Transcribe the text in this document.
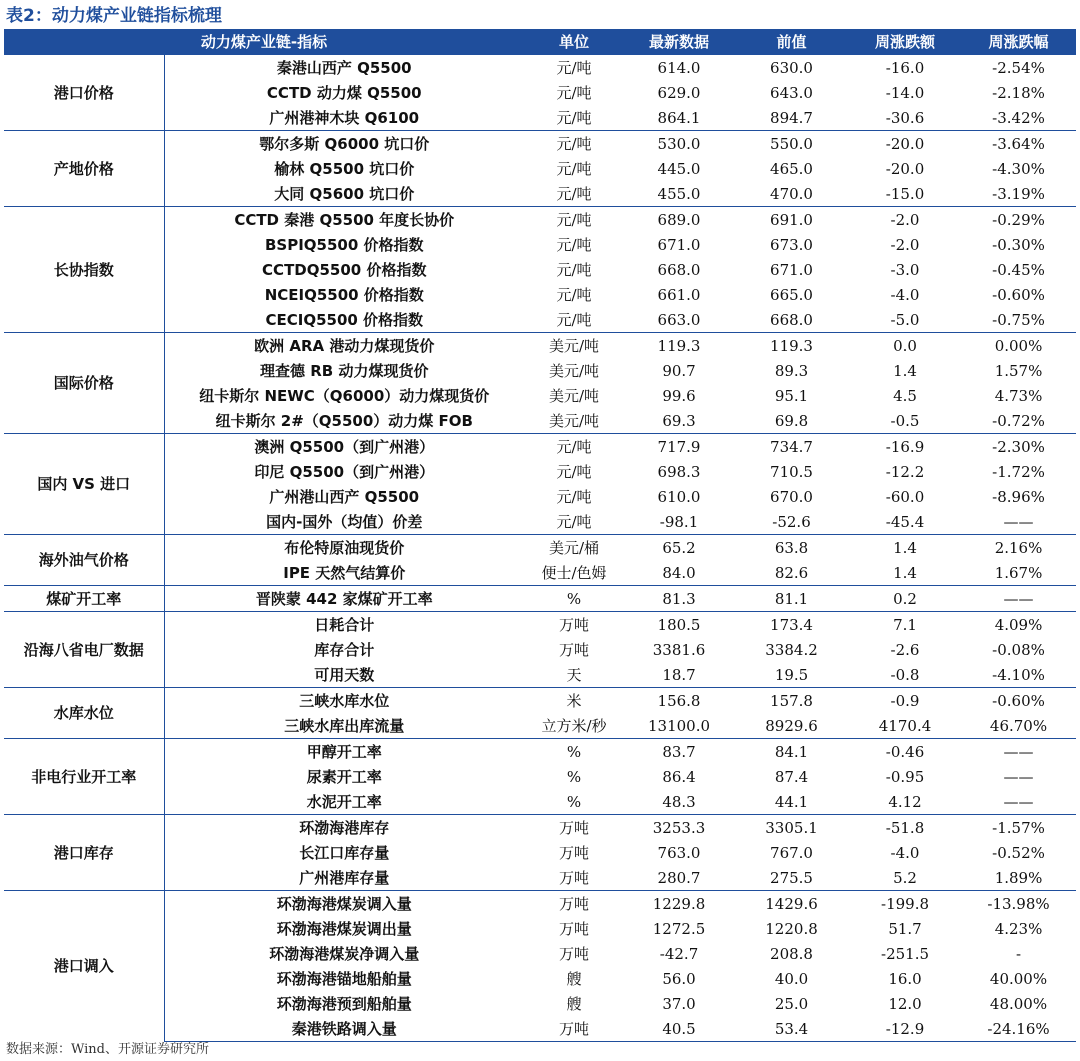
表2：动力煤产业链指标梳理
动力煤产业链-指标		单位	最新数据	前值	周涨跌额	周涨跌幅
港口价格	秦港山西产 Q5500	元/吨	614.0	630.0	-16.0	-2.54%
	CCTD 动力煤 Q5500	元/吨	629.0	643.0	-14.0	-2.18%
	广州港神木块 Q6100	元/吨	864.1	894.7	-30.6	-3.42%
产地价格	鄂尔多斯 Q6000 坑口价	元/吨	530.0	550.0	-20.0	-3.64%
	榆林 Q5500 坑口价	元/吨	445.0	465.0	-20.0	-4.30%
	大同 Q5600 坑口价	元/吨	455.0	470.0	-15.0	-3.19%
长协指数	CCTD 秦港 Q5500 年度长协价	元/吨	689.0	691.0	-2.0	-0.29%
	BSPIQ5500 价格指数	元/吨	671.0	673.0	-2.0	-0.30%
	CCTDQ5500 价格指数	元/吨	668.0	671.0	-3.0	-0.45%
	NCEIQ5500 价格指数	元/吨	661.0	665.0	-4.0	-0.60%
	CECIQ5500 价格指数	元/吨	663.0	668.0	-5.0	-0.75%
国际价格	欧洲 ARA 港动力煤现货价	美元/吨	119.3	119.3	0.0	0.00%
	理查德 RB 动力煤现货价	美元/吨	90.7	89.3	1.4	1.57%
	纽卡斯尔 NEWC（Q6000）动力煤现货价	美元/吨	99.6	95.1	4.5	4.73%
	纽卡斯尔 2#（Q5500）动力煤 FOB	美元/吨	69.3	69.8	-0.5	-0.72%
国内 VS 进口	澳洲 Q5500（到广州港）	元/吨	717.9	734.7	-16.9	-2.30%
	印尼 Q5500（到广州港）	元/吨	698.3	710.5	-12.2	-1.72%
	广州港山西产 Q5500	元/吨	610.0	670.0	-60.0	-8.96%
	国内-国外（均值）价差	元/吨	-98.1	-52.6	-45.4	——
海外油气价格	布伦特原油现货价	美元/桶	65.2	63.8	1.4	2.16%
	IPE 天然气结算价	便士/色姆	84.0	82.6	1.4	1.67%
煤矿开工率	晋陕蒙 442 家煤矿开工率	%	81.3	81.1	0.2	——
沿海八省电厂数据	日耗合计	万吨	180.5	173.4	7.1	4.09%
	库存合计	万吨	3381.6	3384.2	-2.6	-0.08%
	可用天数	天	18.7	19.5	-0.8	-4.10%
水库水位	三峡水库水位	米	156.8	157.8	-0.9	-0.60%
	三峡水库出库流量	立方米/秒	13100.0	8929.6	4170.4	46.70%
非电行业开工率	甲醇开工率	%	83.7	84.1	-0.46	——
	尿素开工率	%	86.4	87.4	-0.95	——
	水泥开工率	%	48.3	44.1	4.12	——
港口库存	环渤海港库存	万吨	3253.3	3305.1	-51.8	-1.57%
	长江口库存量	万吨	763.0	767.0	-4.0	-0.52%
	广州港库存量	万吨	280.7	275.5	5.2	1.89%
港口调入	环渤海港煤炭调入量	万吨	1229.8	1429.6	-199.8	-13.98%
	环渤海港煤炭调出量	万吨	1272.5	1220.8	51.7	4.23%
	环渤海港煤炭净调入量	万吨	-42.7	208.8	-251.5	-
	环渤海港锚地船舶量	艘	56.0	40.0	16.0	40.00%
	环渤海港预到船舶量	艘	37.0	25.0	12.0	48.00%
	秦港铁路调入量	万吨	40.5	53.4	-12.9	-24.16%
数据来源：Wind、开源证券研究所
